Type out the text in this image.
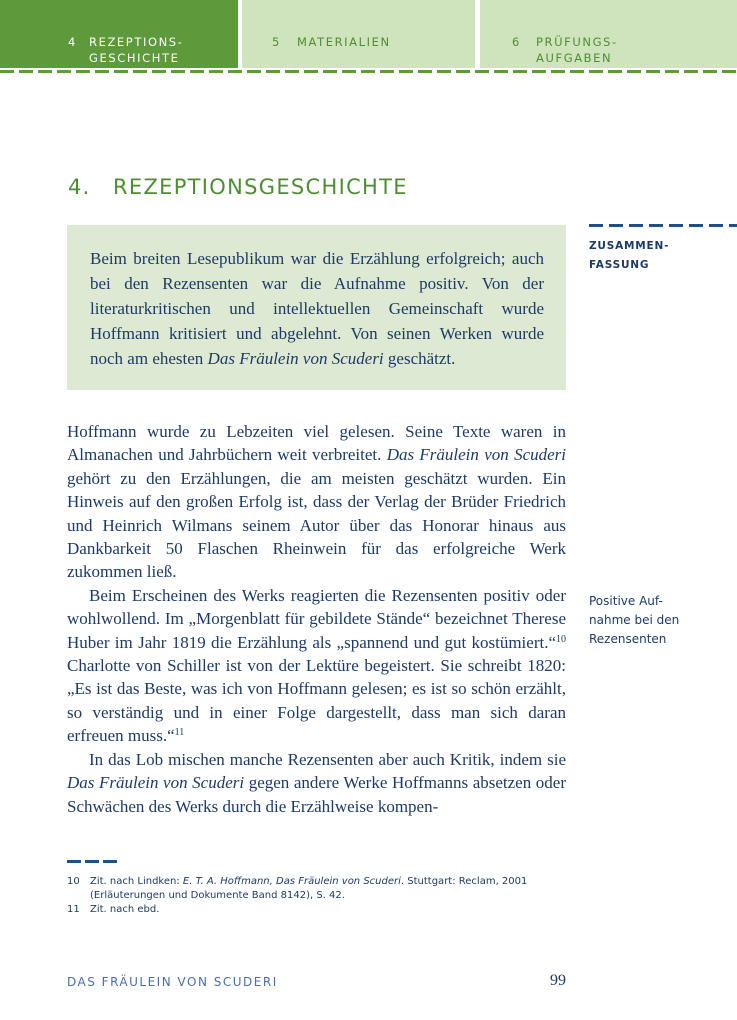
4 REZEPTIONS-
GESCHICHTE
5 MATERIALIEN	6 PRÜFUNGS-
AUFGABEN
4. REZEPTIONSGESCHICHTE
Beim breiten Lesepublikum war die Erzählung erfolgreich; auch bei den Rezensenten war die Aufnahme positiv. Von der literaturkritischen und intellektuellen Gemeinschaft wurde Hoffmann kritisiert und abgelehnt. Von seinen Werken wurde noch am ehesten Das Fräulein von Scuderi geschätzt.
ZUSAMMEN-
FASSUNG
Positive Auf-
nahme bei den
Rezensenten

Hoffmann wurde zu Lebzeiten viel gelesen. Seine Texte waren in Almanachen und Jahrbüchern weit verbreitet. Das Fräulein von Scuderi gehört zu den Erzählungen, die am meisten geschätzt wurden. Ein Hinweis auf den großen Erfolg ist, dass der Verlag der Brüder Friedrich und Heinrich Wilmans seinem Autor über das Honorar hinaus aus Dankbarkeit 50 Flaschen Rheinwein für das erfolgreiche Werk zukommen ließ.

Beim Erscheinen des Werks reagierten die Rezensenten positiv oder wohlwollend. Im „Morgenblatt für gebildete Stände“ bezeichnet Therese Huber im Jahr 1819 die Erzählung als „spannend und gut kostümiert.“$^{10}$ Charlotte von Schiller ist von der Lektüre begeistert. Sie schreibt 1820: „Es ist das Beste, was ich von Hoffmann gelesen; es ist so schön erzählt, so verständig und in einer Folge dargestellt, dass man sich daran erfreuen muss.“$^{11}$

In das Lob mischen manche Rezensenten aber auch Kritik, indem sie Das Fräulein von Scuderi gegen andere Werke Hoffmanns absetzen oder Schwächen des Werks durch die Erzählweise kompen-

10 Zit. nach Lindken: E. T. A. Hoffmann, Das Fräulein von Scuderi. Stuttgart: Reclam, 2001 (Erläuterungen und Dokumente Band 8142), S. 42.
11 Zit. nach ebd.
DAS FRÄULEIN VON SCUDERI	99
